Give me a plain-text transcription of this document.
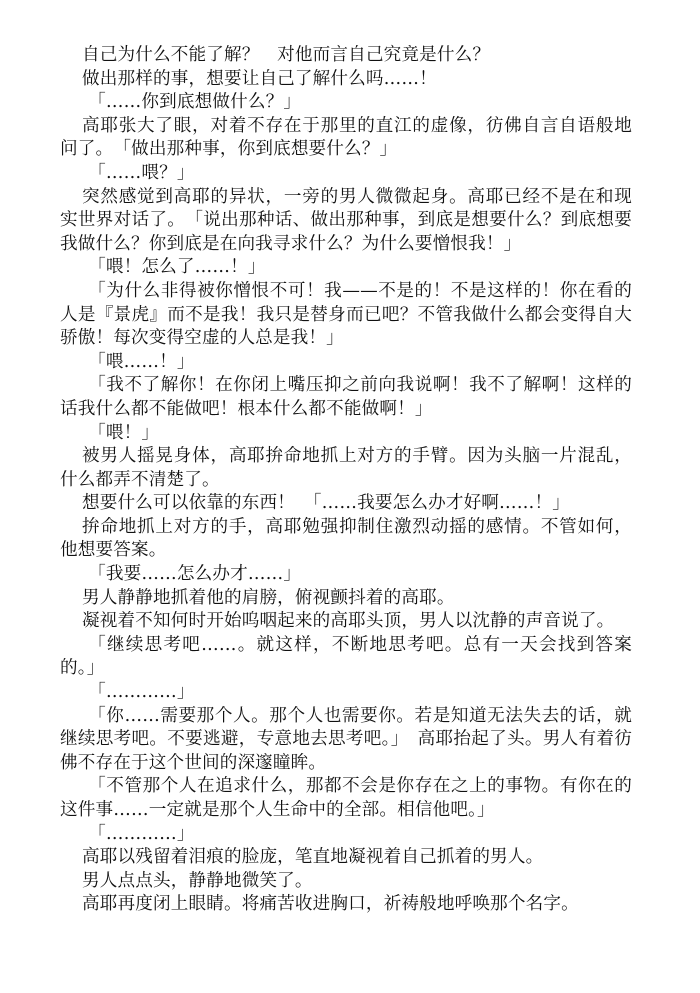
自己为什么不能了解？　对他而言自己究竟是什么？

做出那样的事，想要让自己了解什么吗……！

「……你到底想做什么？」

高耶张大了眼，对着不存在于那里的直江的虚像，彷佛自言自语般地问了。　「做出那种事，你到底想要什么？」

「……喂？」

突然感觉到高耶的异状，一旁的男人微微起身。高耶已经不是在和现实世界对话了。　「说出那种话、做出那种事，到底是想要什么？到底想要我做什么？你到底是在向我寻求什么？为什么要憎恨我！」

「喂！怎么了……！」

「为什么非得被你憎恨不可！我——不是的！不是这样的！你在看的人是『景虎』而不是我！我只是替身而已吧？不管我做什么都会变得自大骄傲！每次变得空虚的人总是我！」

「喂……！」

「我不了解你！在你闭上嘴压抑之前向我说啊！我不了解啊！这样的话我什么都不能做吧！根本什么都不能做啊！」

「喂！」

被男人摇晃身体，高耶拚命地抓上对方的手臂。因为头脑一片混乱，什么都弄不清楚了。

想要什么可以依靠的东西！　「……我要怎么办才好啊……！」

拚命地抓上对方的手，高耶勉强抑制住激烈动摇的感情。不管如何，他想要答案。

「我要……怎么办才……」

男人静静地抓着他的肩膀，俯视颤抖着的高耶。

凝视着不知何时开始呜咽起来的高耶头顶，男人以沈静的声音说了。

「继续思考吧……。就这样，不断地思考吧。总有一天会找到答案的。」

「…………」

「你……需要那个人。那个人也需要你。若是知道无法失去的话，就继续思考吧。不要逃避，专意地去思考吧。」　高耶抬起了头。男人有着彷佛不存在于这个世间的深邃瞳眸。

「不管那个人在追求什么，那都不会是你存在之上的事物。有你在的这件事……一定就是那个人生命中的全部。相信他吧。」

「…………」

高耶以残留着泪痕的脸庞，笔直地凝视着自己抓着的男人。

男人点点头，静静地微笑了。

高耶再度闭上眼睛。将痛苦收进胸口，祈祷般地呼唤那个名字。
